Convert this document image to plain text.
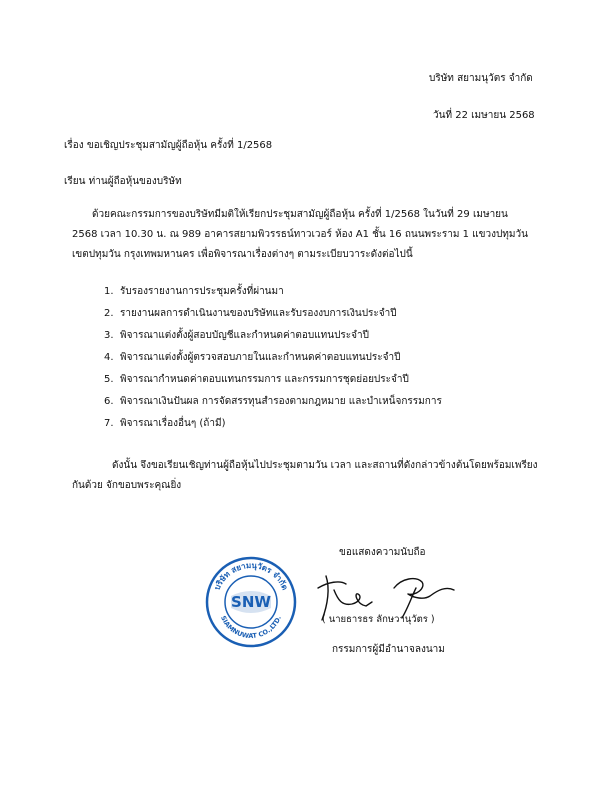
บริษัท สยามนุวัตร จำกัด
วันที่ 22 เมษายน 2568
เรื่อง ขอเชิญประชุมสามัญผู้ถือหุ้น ครั้งที่ 1/2568
เรียน ท่านผู้ถือหุ้นของบริษัท
ด้วยคณะกรรมการของบริษัทมีมติให้เรียกประชุมสามัญผู้ถือหุ้น ครั้งที่ 1/2568 ในวันที่ 29 เมษายน
2568 เวลา 10.30 น. ณ 989 อาคารสยามพิวรรธน์ทาวเวอร์ ห้อง A1 ชั้น 16 ถนนพระราม 1 แขวงปทุมวัน
เขตปทุมวัน กรุงเทพมหานคร เพื่อพิจารณาเรื่องต่างๆ ตามระเบียบวาระดังต่อไปนี้
1. รับรองรายงานการประชุมครั้งที่ผ่านมา
2. รายงานผลการดำเนินงานของบริษัทและรับรองงบการเงินประจำปี
3. พิจารณาแต่งตั้งผู้สอบบัญชีและกำหนดค่าตอบแทนประจำปี
4. พิจารณาแต่งตั้งผู้ตรวจสอบภายในและกำหนดค่าตอบแทนประจำปี
5. พิจารณากำหนดค่าตอบแทนกรรมการ และกรรมการชุดย่อยประจำปี
6. พิจารณาเงินปันผล การจัดสรรทุนสำรองตามกฎหมาย และบำเหน็จกรรมการ
7. พิจารณาเรื่องอื่นๆ (ถ้ามี)
ดังนั้น จึงขอเรียนเชิญท่านผู้ถือหุ้นไปประชุมตามวัน เวลา และสถานที่ดังกล่าวข้างต้นโดยพร้อมเพรียง
กันด้วย จักขอบพระคุณยิ่ง
ขอแสดงความนับถือ
บริษัท สยามนุวัตร จำกัด
SIAMNUWAT CO.,LTD.
SNW
( นายธารธร ลักษวานุวัตร )
กรรมการผู้มีอำนาจลงนาม
